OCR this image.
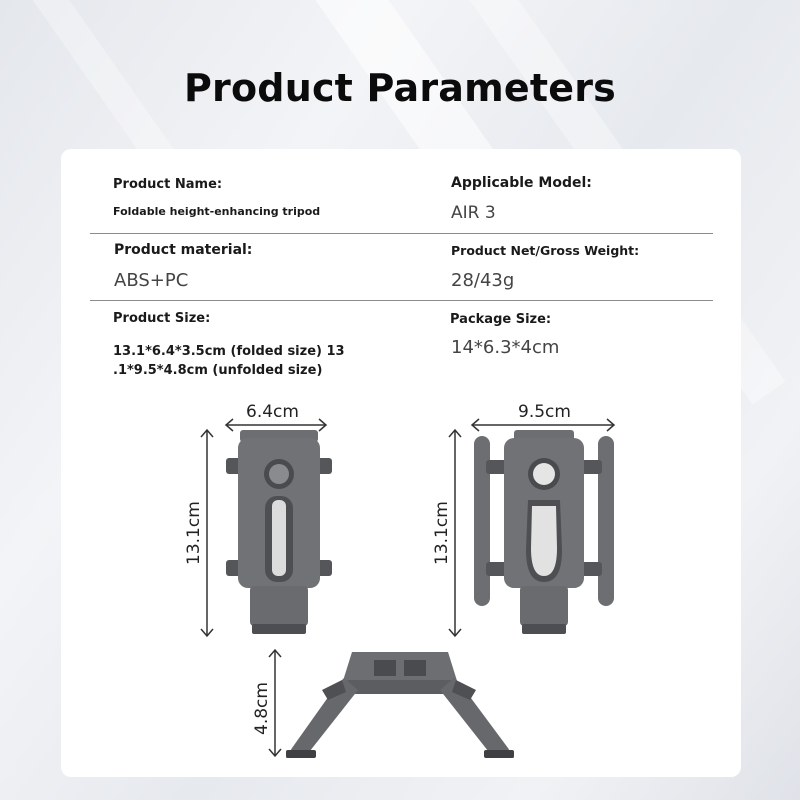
Product Parameters
Product Name:
Foldable height-enhancing tripod
Applicable Model:
AIR 3
Product material:
ABS+PC
Product Net/Gross Weight:
28/43g
Product Size:
13.1*6.4*3.5cm (folded size) 13
.1*9.5*4.8cm (unfolded size)
Package Size:
14*6.3*4cm
6.4cm
13.1cm
9.5cm
13.1cm
4.8cm
